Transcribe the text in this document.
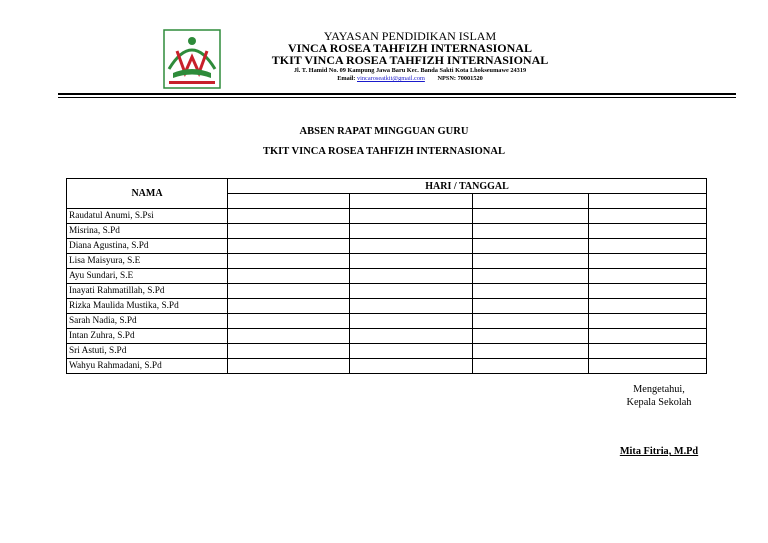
YAYASAN PENDIDIKAN ISLAM
VINCA ROSEA TAHFIZH INTERNASIONAL
TKIT VINCA ROSEA TAHFIZH INTERNASIONAL
Jl. T. Hamid No. 09 Kampung Jawa Baru Kec. Banda Sakti Kota Lhokseumawe 24319
Email: vincaroseatkit@gmail.com NPSN: 70001520
ABSEN RAPAT MINGGUAN GURU
TKIT VINCA ROSEA TAHFIZH INTERNASIONAL
NAMA	HARI / TANGGAL			

Raudatul Anumi, S.Psi				
Misrina, S.Pd				
Diana Agustina, S.Pd				
Lisa Maisyura, S.E				
Ayu Sundari, S.E				
Inayati Rahmatillah, S.Pd				
Rizka Maulida Mustika, S.Pd				
Sarah Nadia, S.Pd				
Intan Zuhra, S.Pd				
Sri Astuti, S.Pd				
Wahyu Rahmadani, S.Pd				
Mengetahui,
Kepala Sekolah
Mita Fitria, M.Pd
